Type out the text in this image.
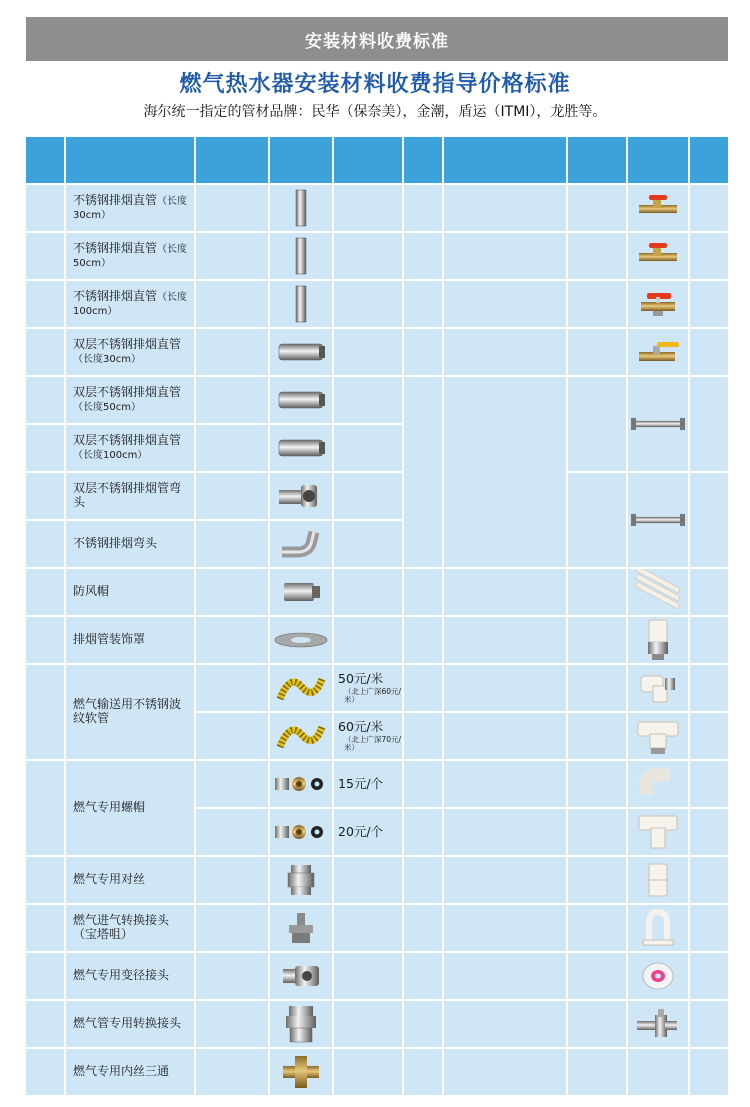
安装材料收费标准
燃气热水器安装材料收费指导价格标准
海尔统一指定的管材品牌：民华（保奈美），金潮，盾运（ITMI），龙胜等。
不锈钢排烟直管（长度30cm）
不锈钢排烟直管（长度50cm）
不锈钢排烟直管（长度100cm）
双层不锈钢排烟直管（长度30cm）
双层不锈钢排烟直管（长度50cm）
双层不锈钢排烟直管（长度100cm）
双层不锈钢排烟管弯头
不锈钢排烟弯头
防风帽
排烟管装饰罩
燃气输送用不锈钢波纹软管
50元/米
（北上广深60元/米）
60元/米
（北上广深70元/米）
燃气专用螺帽
15元/个
20元/个
燃气专用对丝
燃气进气转换接头（宝塔咀）
燃气专用变径接头
燃气管专用转换接头
燃气专用内丝三通
